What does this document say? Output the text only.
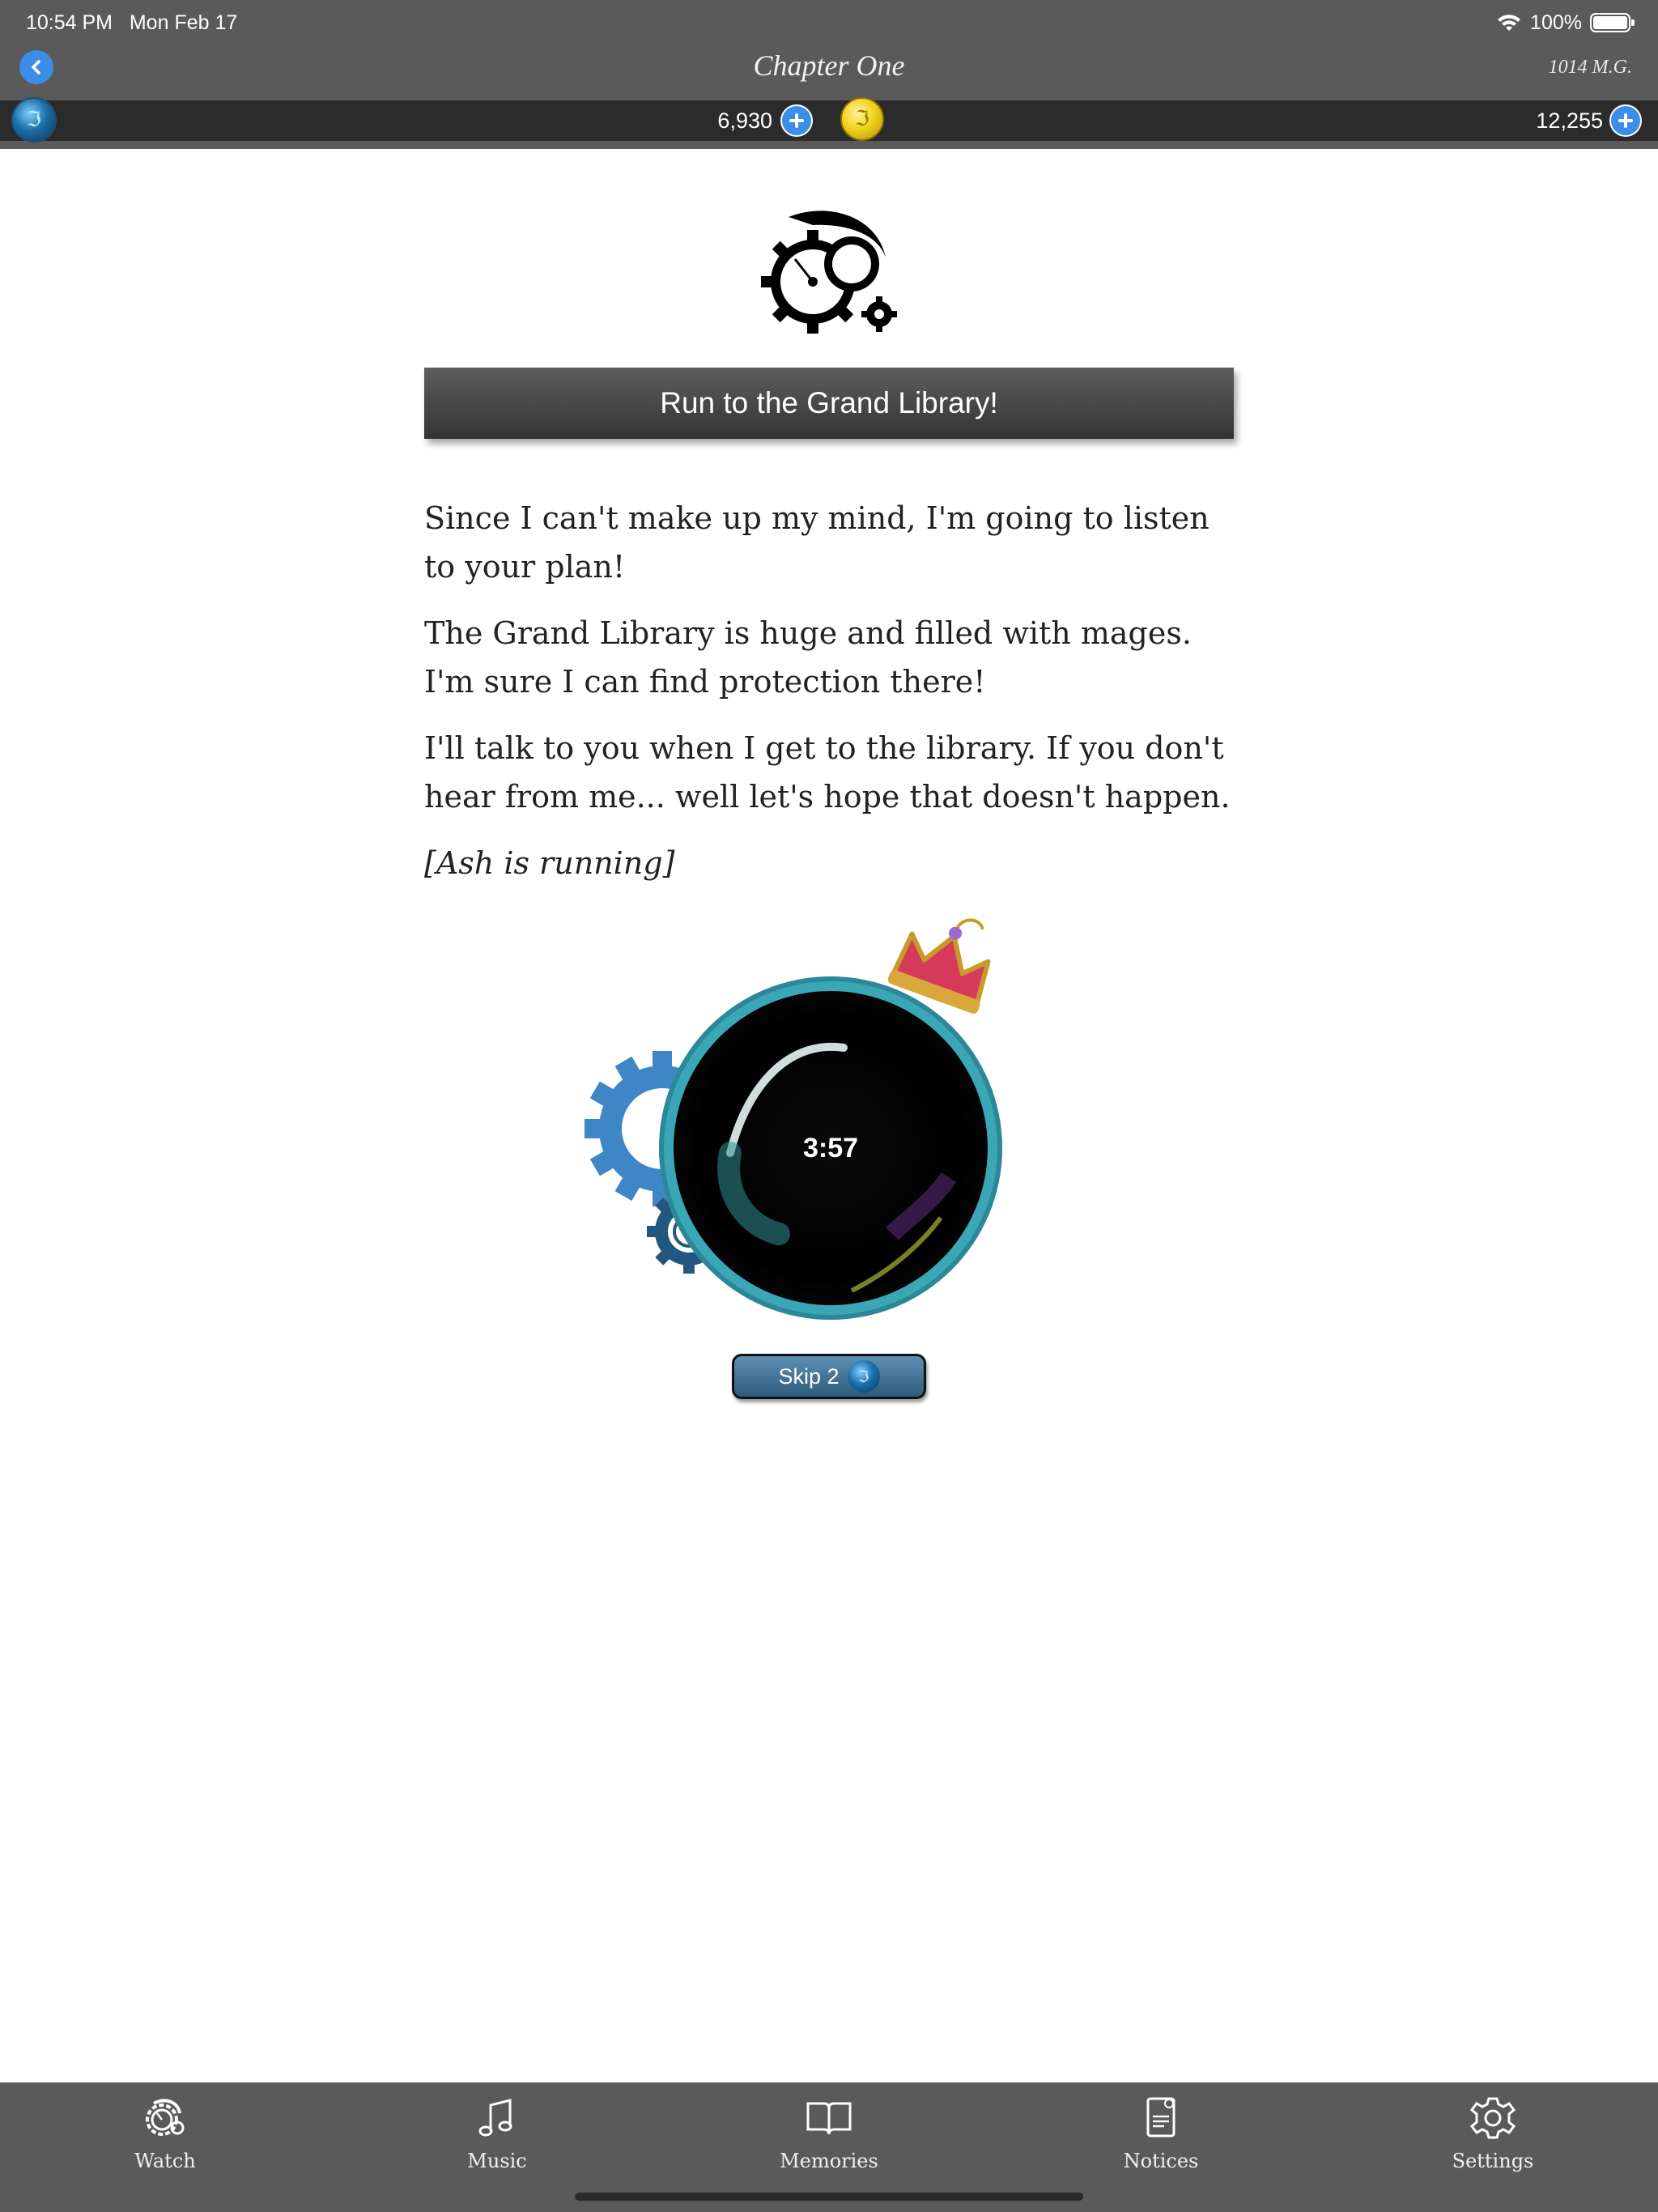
10:54 PM Mon Feb 17	100%
Chapter One	1014 M.G.
ℑ
6,930
ℑ	12,255
Run to the Grand Library!

Since I can't make up my mind, I'm going to listen to your plan!

The Grand Library is huge and filled with mages. I'm sure I can find protection there!

I'll talk to you when I get to the library. If you don't hear from me... well let's hope that doesn't happen.

[Ash is running]

3:57
Skip 2
ℑ
Watch	Music	Memories	Notices	Settings
